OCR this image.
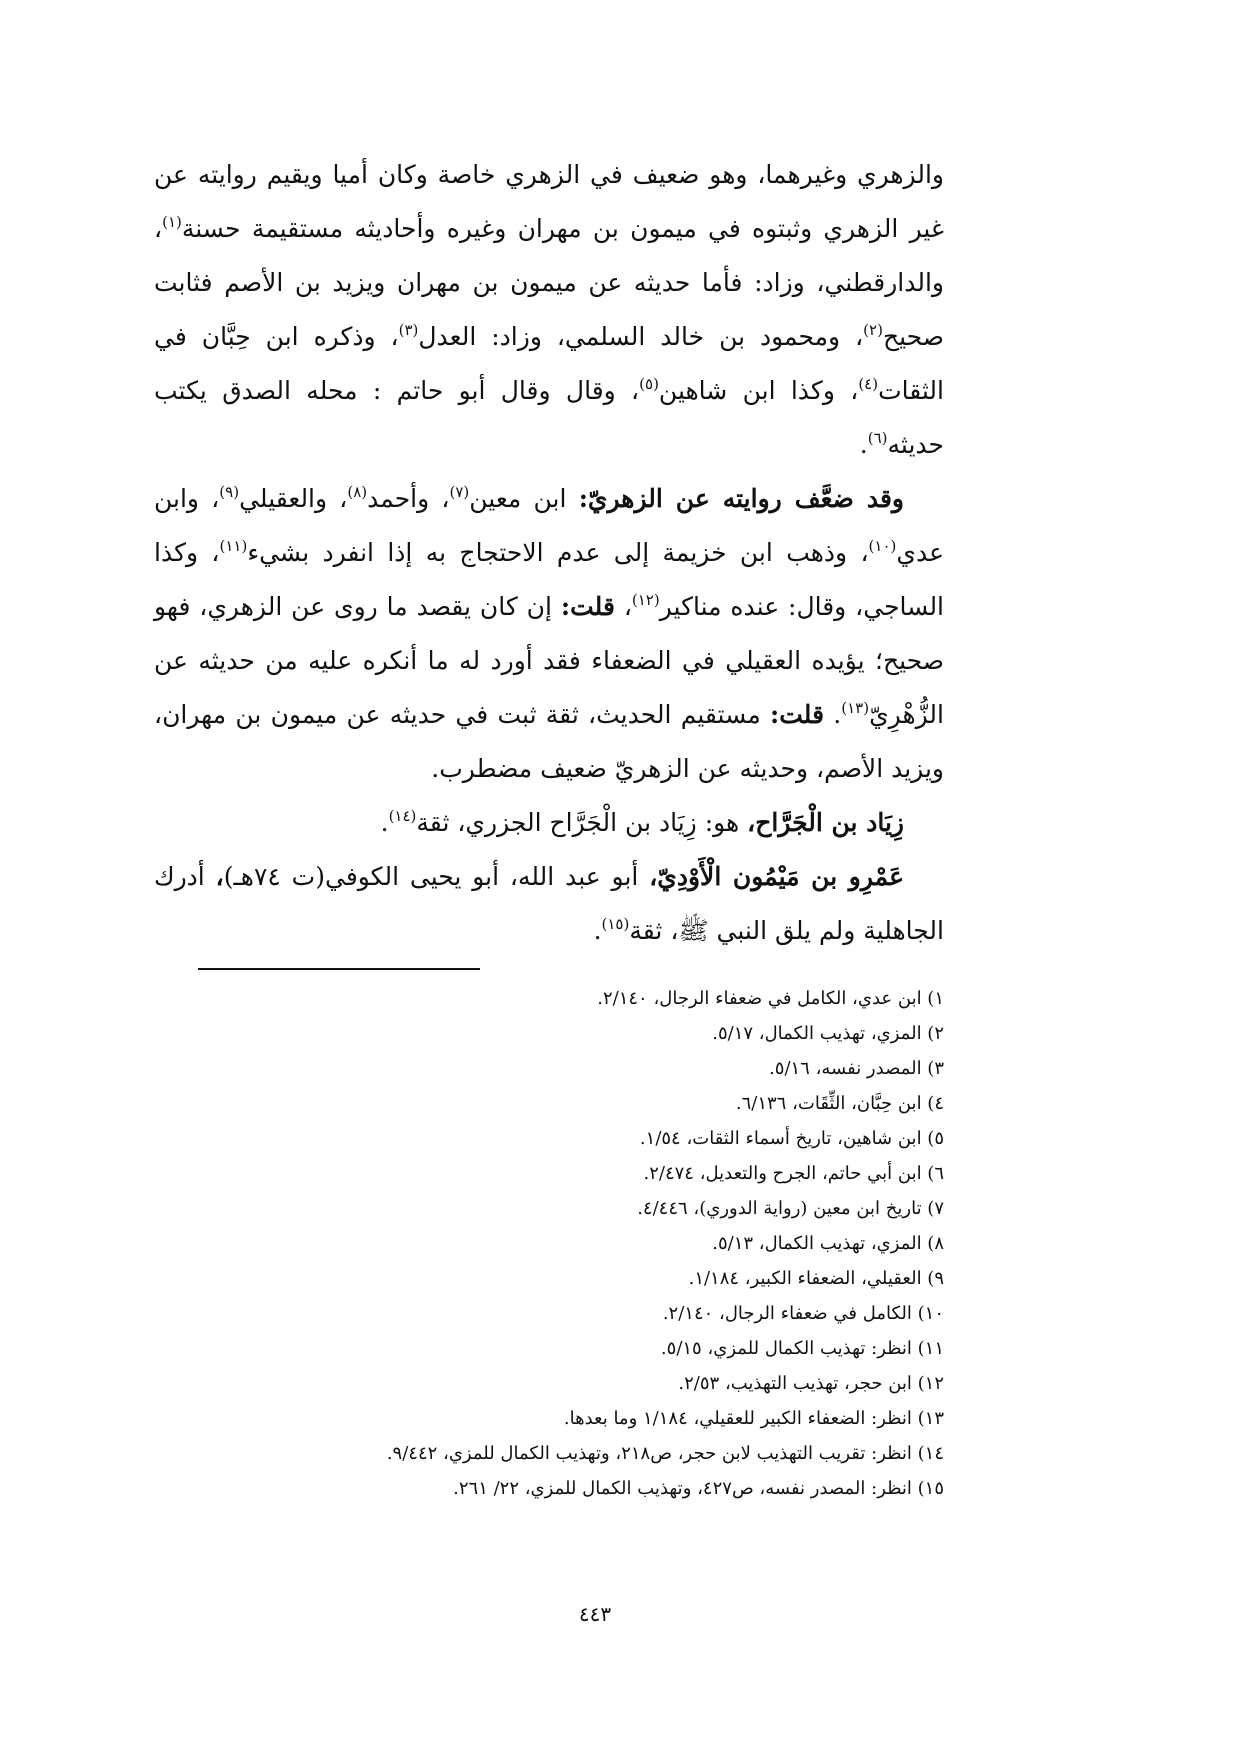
والزهري وغيرهما، وهو ضعيف في الزهري خاصة وكان أميا ويقيم روايته عن غير الزهري وثبتوه في ميمون بن مهران وغيره وأحاديثه مستقيمة حسنة$^{(١)}$، والدارقطني، وزاد: فأما حديثه عن ميمون بن مهران ويزيد بن الأصم فثابت صحيح$^{(٢)}$، ومحمود بن خالد السلمي، وزاد: العدل$^{(٣)}$، وذكره ابن حِبَّان في الثقات$^{(٤)}$، وكذا ابن شاهين$^{(٥)}$، وقال وقال أبو حاتم : محله الصدق يكتب حديثه$^{(٦)}$.

وقد ضعَّف روايته عن الزهريّ: ابن معين$^{(٧)}$، وأحمد$^{(٨)}$، والعقيلي$^{(٩)}$، وابن عدي$^{(١٠)}$، وذهب ابن خزيمة إلى عدم الاحتجاج به إذا انفرد بشيء$^{(١١)}$، وكذا الساجي، وقال: عنده مناكير$^{(١٢)}$، قلت: إن كان يقصد ما روى عن الزهري، فهو صحيح؛ يؤيده العقيلي في الضعفاء فقد أورد له ما أنكره عليه من حديثه عن الزُّهْرِيّ$^{(١٣)}$. قلت: مستقيم الحديث، ثقة ثبت في حديثه عن ميمون بن مهران، ويزيد الأصم، وحديثه عن الزهريّ ضعيف مضطرب.

زِيَاد بن الْجَرَّاح، هو: زِيَاد بن الْجَرَّاح الجزري، ثقة$^{(١٤)}$.

عَمْرِو بن مَيْمُون الْأَوْدِيّ، أبو عبد الله، أبو يحيى الكوفي(ت ٧٤هـ)، أدرك الجاهلية ولم يلق النبي ﷺ، ثقة$^{(١٥)}$.

١) ابن عدي، الكامل في ضعفاء الرجال، ٢/١٤٠.
٢) المزي، تهذيب الكمال، ٥/١٧.
٣) المصدر نفسه، ٥/١٦.
٤) ابن حِبَّان، الثِّقَات، ٦/١٣٦.
٥) ابن شاهين، تاريخ أسماء الثقات، ١/٥٤.
٦) ابن أبي حاتم، الجرح والتعديل، ٢/٤٧٤.
٧) تاريخ ابن معين (رواية الدوري)، ٤/٤٤٦.
٨) المزي، تهذيب الكمال، ٥/١٣.
٩) العقيلي، الضعفاء الكبير، ١/١٨٤.
١٠) الكامل في ضعفاء الرجال، ٢/١٤٠.
١١) انظر: تهذيب الكمال للمزي، ٥/١٥.
١٢) ابن حجر، تهذيب التهذيب، ٢/٥٣.
١٣) انظر: الضعفاء الكبير للعقيلي، ١/١٨٤ وما بعدها.
١٤) انظر: تقريب التهذيب لابن حجر، ص٢١٨، وتهذيب الكمال للمزي، ٩/٤٤٢.
١٥) انظر: المصدر نفسه، ص٤٢٧، وتهذيب الكمال للمزي، ٢٢/ ٢٦١.
٤٤٣
